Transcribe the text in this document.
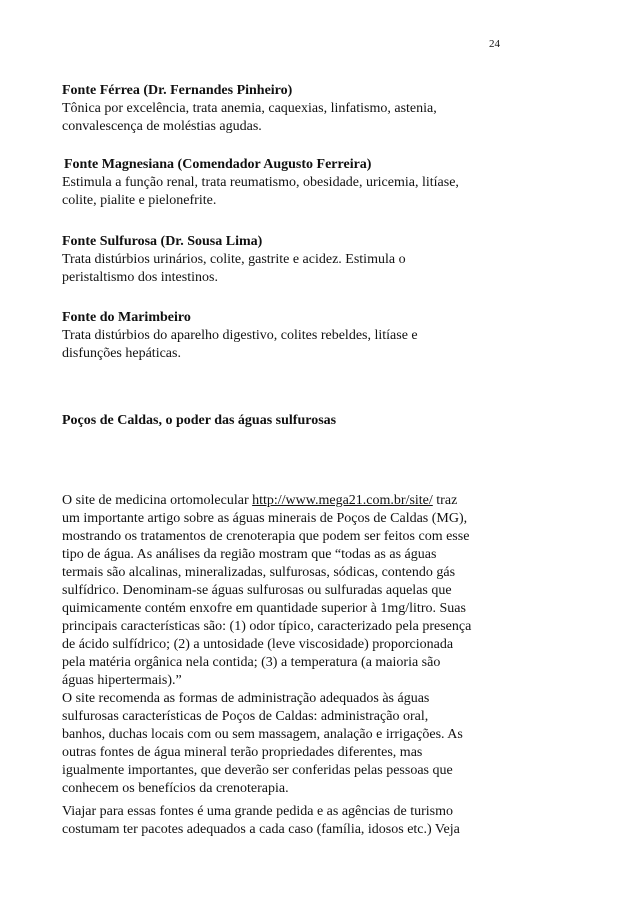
24
Fonte Férrea (Dr. Fernandes Pinheiro)
Tônica por excelência, trata anemia, caquexias, linfatismo, astenia,
convalescença de moléstias agudas.
Fonte Magnesiana (Comendador Augusto Ferreira)
Estimula a função renal, trata reumatismo, obesidade, uricemia, litíase,
colite, pialite e pielonefrite.
Fonte Sulfurosa (Dr. Sousa Lima)
Trata distúrbios urinários, colite, gastrite e acidez. Estimula o
peristaltismo dos intestinos.
Fonte do Marimbeiro
Trata distúrbios do aparelho digestivo, colites rebeldes, litíase e
disfunções hepáticas.
Poços de Caldas, o poder das águas sulfurosas
O site de medicina ortomolecular http://www.mega21.com.br/site/ traz
um importante artigo sobre as águas minerais de Poços de Caldas (MG),
mostrando os tratamentos de crenoterapia que podem ser feitos com esse
tipo de água. As análises da região mostram que “todas as as águas
termais são alcalinas, mineralizadas, sulfurosas, sódicas, contendo gás
sulfídrico. Denominam-se águas sulfurosas ou sulfuradas aquelas que
quimicamente contém enxofre em quantidade superior à 1mg/litro. Suas
principais características são: (1) odor típico, caracterizado pela presença
de ácido sulfídrico; (2) a untosidade (leve viscosidade) proporcionada
pela matéria orgânica nela contida; (3) a temperatura (a maioria são
águas hipertermais).”
O site recomenda as formas de administração adequados às águas
sulfurosas características de Poços de Caldas: administração oral,
banhos, duchas locais com ou sem massagem, analação e irrigações. As
outras fontes de água mineral terão propriedades diferentes, mas
igualmente importantes, que deverão ser conferidas pelas pessoas que
conhecem os benefícios da crenoterapia.
Viajar para essas fontes é uma grande pedida e as agências de turismo
costumam ter pacotes adequados a cada caso (família, idosos etc.) Veja
